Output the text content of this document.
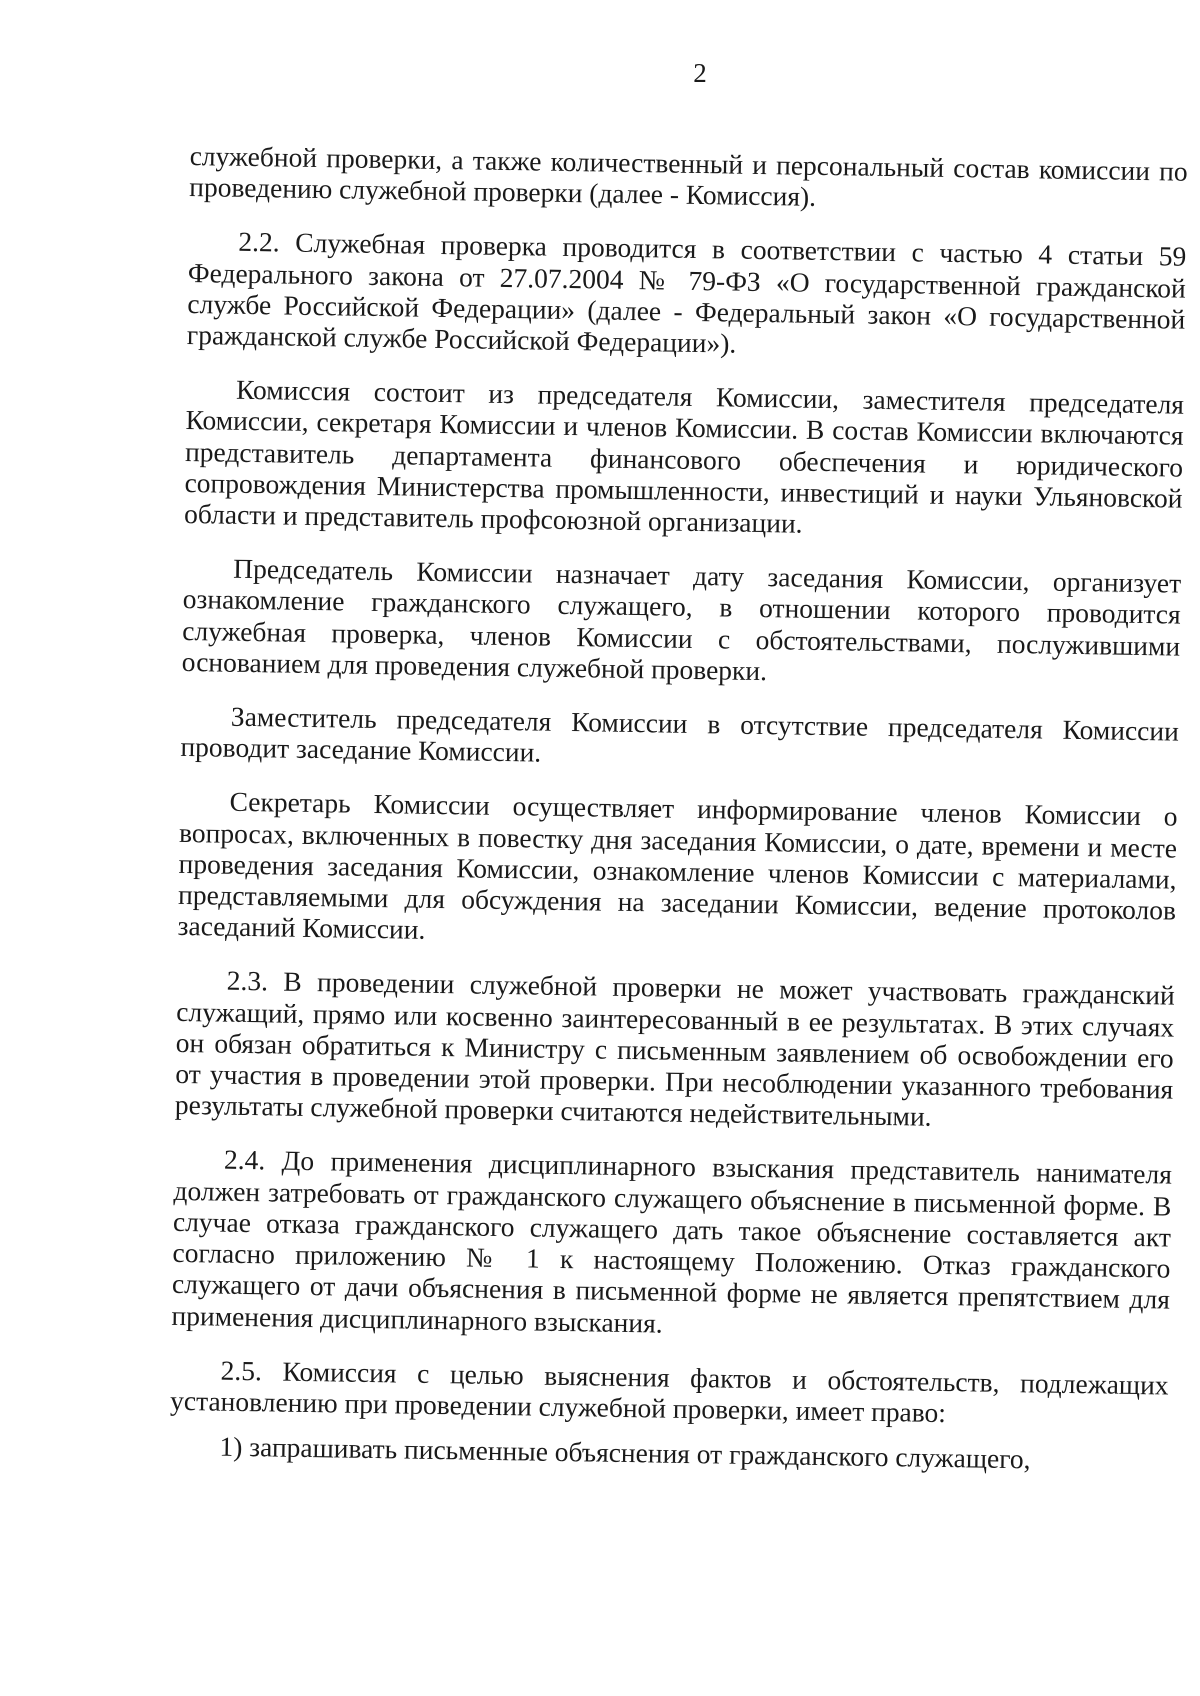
2

служебной проверки, а также количественный и персональный состав комиссии по проведению служебной проверки (далее - Комиссия).

2.2. Служебная проверка проводится в соответствии с частью 4 статьи 59 Федерального закона от 27.07.2004 № 79-ФЗ «О государственной гражданской службе Российской Федерации» (далее - Федеральный закон «О государственной гражданской службе Российской Федерации»).

Комиссия состоит из председателя Комиссии, заместителя председателя Комиссии, секретаря Комиссии и членов Комиссии. В состав Комиссии включаются представитель департамента финансового обеспечения и юридического сопровождения Министерства промышленности, инвестиций и науки Ульяновской области и представитель профсоюзной организации.

Председатель Комиссии назначает дату заседания Комиссии, организует ознакомление гражданского служащего, в отношении которого проводится служебная проверка, членов Комиссии с обстоятельствами, послужившими основанием для проведения служебной проверки.

Заместитель председателя Комиссии в отсутствие председателя Комиссии проводит заседание Комиссии.

Секретарь Комиссии осуществляет информирование членов Комиссии о вопросах, включенных в повестку дня заседания Комиссии, о дате, времени и месте проведения заседания Комиссии, ознакомление членов Комиссии с материалами, представляемыми для обсуждения на заседании Комиссии, ведение протоколов заседаний Комиссии.

2.3. В проведении служебной проверки не может участвовать гражданский служащий, прямо или косвенно заинтересованный в ее результатах. В этих случаях он обязан обратиться к Министру с письменным заявлением об освобождении его от участия в проведении этой проверки. При несоблюдении указанного требования результаты служебной проверки считаются недействительными.

2.4. До применения дисциплинарного взыскания представитель нанимателя должен затребовать от гражданского служащего объяснение в письменной форме. В случае отказа гражданского служащего дать такое объяснение составляется акт согласно приложению № 1 к настоящему Положению. Отказ гражданского служащего от дачи объяснения в письменной форме не является препятствием для применения дисциплинарного взыскания.

2.5. Комиссия с целью выяснения фактов и обстоятельств, подлежащих установлению при проведении служебной проверки, имеет право:

1) запрашивать письменные объяснения от гражданского служащего,
